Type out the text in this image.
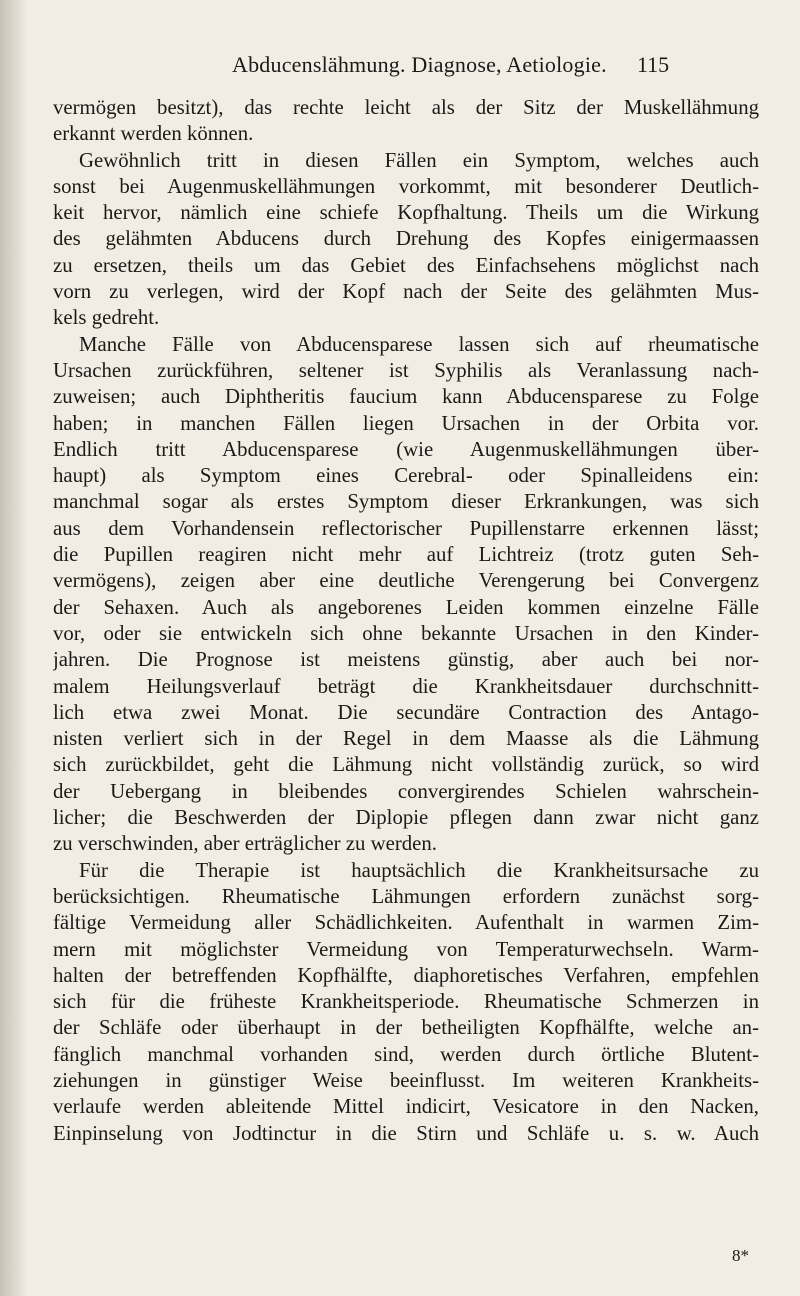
Abducenslähmung. Diagnose, Aetiologie. 115
vermögen besitzt), das rechte leicht als der Sitz der Muskellähmung
erkannt werden können.
Gewöhnlich tritt in diesen Fällen ein Symptom, welches auch
sonst bei Augenmuskellähmungen vorkommt, mit besonderer Deutlich-
keit hervor, nämlich eine schiefe Kopfhaltung. Theils um die Wirkung
des gelähmten Abducens durch Drehung des Kopfes einigermaassen
zu ersetzen, theils um das Gebiet des Einfachsehens möglichst nach
vorn zu verlegen, wird der Kopf nach der Seite des gelähmten Mus-
kels gedreht.
Manche Fälle von Abducensparese lassen sich auf rheumatische
Ursachen zurückführen, seltener ist Syphilis als Veranlassung nach-
zuweisen; auch Diphtheritis faucium kann Abducensparese zu Folge
haben; in manchen Fällen liegen Ursachen in der Orbita vor.
Endlich tritt Abducensparese (wie Augenmuskellähmungen über-
haupt) als Symptom eines Cerebral- oder Spinalleidens ein:
manchmal sogar als erstes Symptom dieser Erkrankungen, was sich
aus dem Vorhandensein reflectorischer Pupillenstarre erkennen lässt;
die Pupillen reagiren nicht mehr auf Lichtreiz (trotz guten Seh-
vermögens), zeigen aber eine deutliche Verengerung bei Convergenz
der Sehaxen. Auch als angeborenes Leiden kommen einzelne Fälle
vor, oder sie entwickeln sich ohne bekannte Ursachen in den Kinder-
jahren. Die Prognose ist meistens günstig, aber auch bei nor-
malem Heilungsverlauf beträgt die Krankheitsdauer durchschnitt-
lich etwa zwei Monat. Die secundäre Contraction des Antago-
nisten verliert sich in der Regel in dem Maasse als die Lähmung
sich zurückbildet, geht die Lähmung nicht vollständig zurück, so wird
der Uebergang in bleibendes convergirendes Schielen wahrschein-
licher; die Beschwerden der Diplopie pflegen dann zwar nicht ganz
zu verschwinden, aber erträglicher zu werden.
Für die Therapie ist hauptsächlich die Krankheitsursache zu
berücksichtigen. Rheumatische Lähmungen erfordern zunächst sorg-
fältige Vermeidung aller Schädlichkeiten. Aufenthalt in warmen Zim-
mern mit möglichster Vermeidung von Temperaturwechseln. Warm-
halten der betreffenden Kopfhälfte, diaphoretisches Verfahren, empfehlen
sich für die früheste Krankheitsperiode. Rheumatische Schmerzen in
der Schläfe oder überhaupt in der betheiligten Kopfhälfte, welche an-
fänglich manchmal vorhanden sind, werden durch örtliche Blutent-
ziehungen in günstiger Weise beeinflusst. Im weiteren Krankheits-
verlaufe werden ableitende Mittel indicirt, Vesicatore in den Nacken,
Einpinselung von Jodtinctur in die Stirn und Schläfe u. s. w. Auch
8*
